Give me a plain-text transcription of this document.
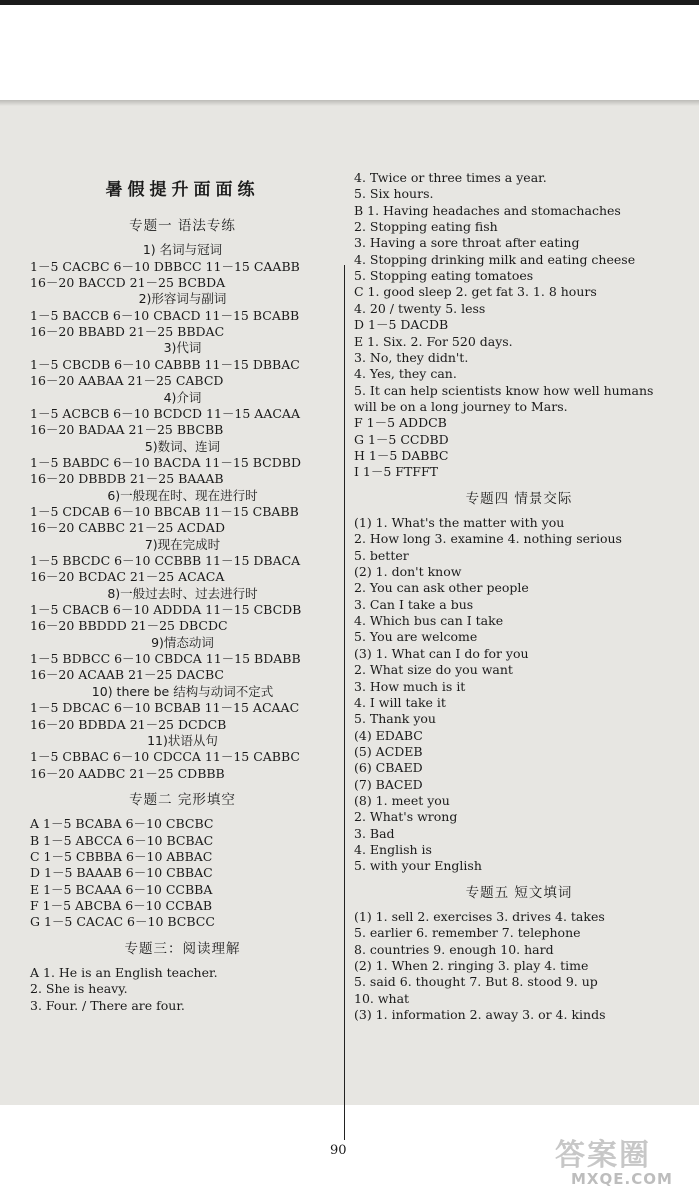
暑假提升面面练
专题一 语法专练
1) 名词与冠词
1－5 CACBC 6－10 DBBCC 11－15 CAABB
16－20 BACCD 21－25 BCBDA
2)形容词与副词
1－5 BACCB 6－10 CBACD 11－15 BCABB
16－20 BBABD 21－25 BBDAC
3)代词
1－5 CBCDB 6－10 CABBB 11－15 DBBAC
16－20 AABAA 21－25 CABCD
4)介词
1－5 ACBCB 6－10 BCDCD 11－15 AACAA
16－20 BADAA 21－25 BBCBB
5)数词、连词
1－5 BABDC 6－10 BACDA 11－15 BCDBD
16－20 DBBDB 21－25 BAAAB
6)一般现在时、现在进行时
1－5 CDCAB 6－10 BBCAB 11－15 CBABB
16－20 CABBC 21－25 ACDAD
7)现在完成时
1－5 BBCDC 6－10 CCBBB 11－15 DBACA
16－20 BCDAC 21－25 ACACA
8)一般过去时、过去进行时
1－5 CBACB 6－10 ADDDA 11－15 CBCDB
16－20 BBDDD 21－25 DBCDC
9)情态动词
1－5 BDBCC 6－10 CBDCA 11－15 BDABB
16－20 ACAAB 21－25 DACBC
10) there be 结构与动词不定式
1－5 DBCAC 6－10 BCBAB 11－15 ACAAC
16－20 BDBDA 21－25 DCDCB
11)状语从句
1－5 CBBAC 6－10 CDCCA 11－15 CABBC
16－20 AADBC 21－25 CDBBB
专题二 完形填空
A 1－5 BCABA 6－10 CBCBC
B 1－5 ABCCA 6－10 BCBAC
C 1－5 CBBBA 6－10 ABBAC
D 1－5 BAAAB 6－10 CBBAC
E 1－5 BCAAA 6－10 CCBBA
F 1－5 ABCBA 6－10 CCBAB
G 1－5 CACAC 6－10 BCBCC
专题三：阅读理解
A 1. He is an English teacher.
2. She is heavy.
3. Four. / There are four.
4. Twice or three times a year.
5. Six hours.
B 1. Having headaches and stomachaches
2. Stopping eating fish
3. Having a sore throat after eating
4. Stopping drinking milk and eating cheese
5. Stopping eating tomatoes
C 1. good sleep 2. get fat 3. 1. 8 hours
4. 20 / twenty 5. less
D 1－5 DACDB
E 1. Six. 2. For 520 days.
3. No, they didn't.
4. Yes, they can.
5. It can help scientists know how well humans
will be on a long journey to Mars.
F 1－5 ADDCB
G 1－5 CCDBD
H 1－5 DABBC
I 1－5 FTFFT
专题四 情景交际
(1) 1. What's the matter with you
2. How long 3. examine 4. nothing serious
5. better
(2) 1. don't know
2. You can ask other people
3. Can I take a bus
4. Which bus can I take
5. You are welcome
(3) 1. What can I do for you
2. What size do you want
3. How much is it
4. I will take it
5. Thank you
(4) EDABC
(5) ACDEB
(6) CBAED
(7) BACED
(8) 1. meet you
2. What's wrong
3. Bad
4. English is
5. with your English
专题五 短文填词
(1) 1. sell 2. exercises 3. drives 4. takes
5. earlier 6. remember 7. telephone
8. countries 9. enough 10. hard
(2) 1. When 2. ringing 3. play 4. time
5. said 6. thought 7. But 8. stood 9. up
10. what
(3) 1. information 2. away 3. or 4. kinds
90	答案圈
MXQE.COM
